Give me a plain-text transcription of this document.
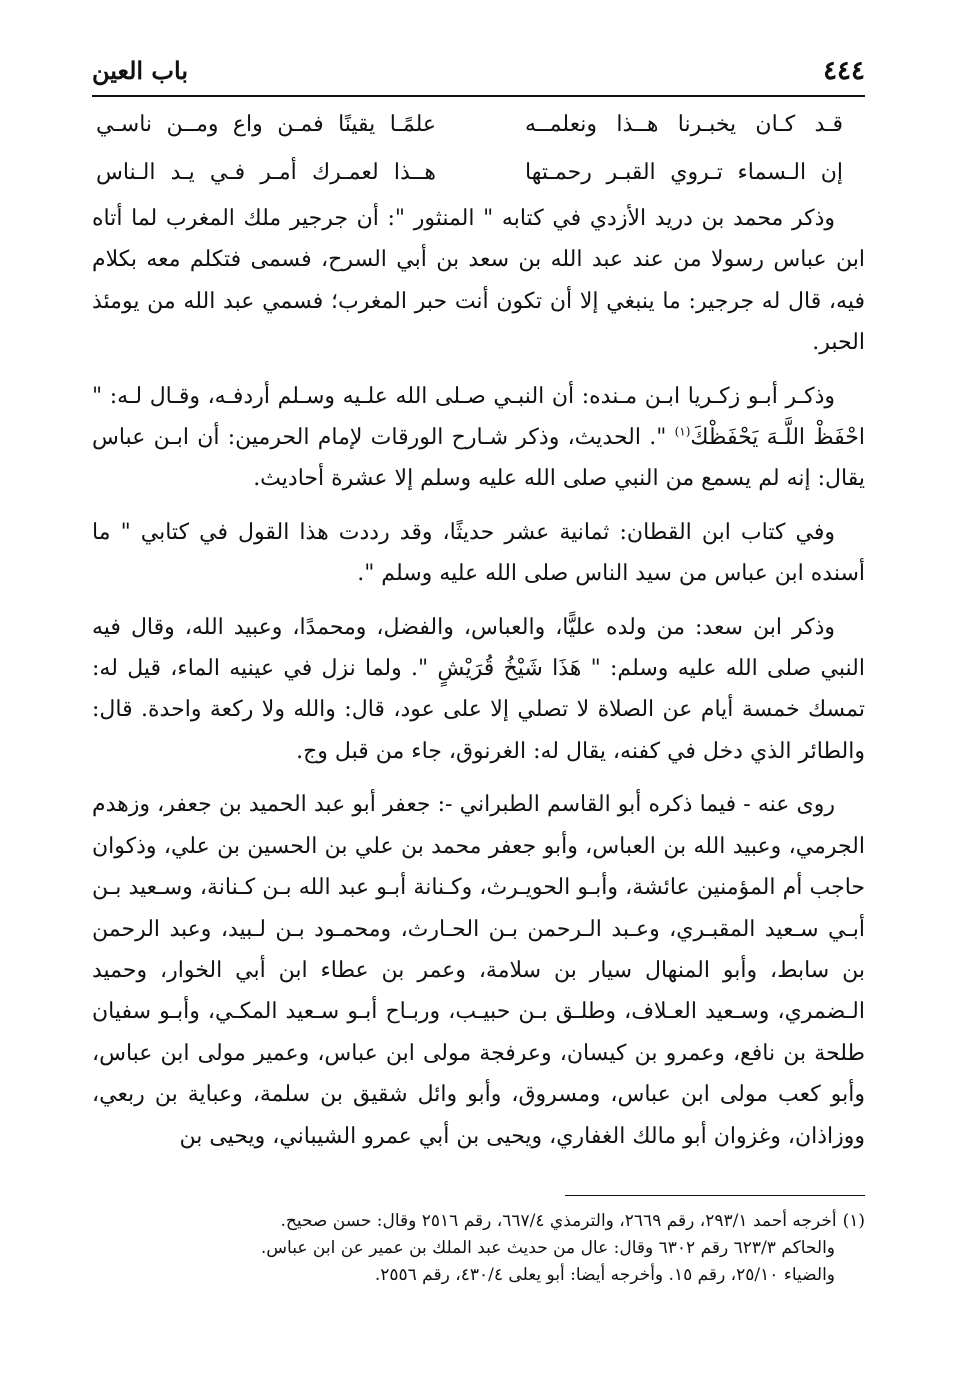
٤٤٤
باب العين
قـد كـان يخبـرنا هــذا ونعلمــه
علمًـا يقينًا فمـن واع ومــن ناسـي
إن الـسماء تـروي القبـر رحمـتها
هــذا لعمـرك أمـر فـي يـد الـناس

وذكر محمد بن دريد الأزدي في كتابه " المنثور ": أن جرجير ملك المغرب لما أتاه ابن عباس رسولا من عند عبد الله بن سعد بن أبي السرح، فسمى فتكلم معه بكلام فيه، قال له جرجير: ما ينبغي إلا أن تكون أنت حبر المغرب؛ فسمي عبد الله من يومئذ الحبر.

وذكـر أبـو زكـريا ابـن مـنده: أن النبـي صـلى الله علـيه وسـلم أردفـه، وقـال لـه: " احْفَظْ اللَّـهَ يَحْفَظْكَ$^{(١)}$ ". الحديث، وذكر شـارح الورقات لإمام الحرمين: أن ابـن عباس يقال: إنه لم يسمع من النبي صلى الله عليه وسلم إلا عشرة أحاديث.

وفي كتاب ابن القطان: ثمانية عشر حديثًا، وقد رددت هذا القول في كتابي " ما أسنده ابن عباس من سيد الناس صلى الله عليه وسلم ".

وذكر ابن سعد: من ولده عليًّا، والعباس، والفضل، ومحمدًا، وعبيد الله، وقال فيه النبي صلى الله عليه وسلم: " هَذَا شَيْخُ قُرَيْشٍ ". ولما نزل في عينيه الماء، قيل له: تمسك خمسة أيام عن الصلاة لا تصلي إلا على عود، قال: والله ولا ركعة واحدة. قال: والطائر الذي دخل في كفنه، يقال له: الغرنوق، جاء من قبل وج.

روى عنه - فيما ذكره أبو القاسم الطبراني -: جعفر أبو عبد الحميد بن جعفر، وزهدم الجرمي، وعبيد الله بن العباس، وأبو جعفر محمد بن علي بن الحسين بن علي، وذكوان حاجب أم المؤمنين عائشة، وأبـو الحويـرث، وكـنانة أبـو عبد الله بـن كـنانة، وسـعيد بـن أبـي سـعيد المقبـري، وعـبد الـرحمن بـن الحـارث، ومحمـود بـن لـبيد، وعبد الرحمن بن سابط، وأبو المنهال سيار بن سلامة، وعمر بن عطاء ابن أبي الخوار، وحميد الـضمري، وسـعيد العـلاف، وطلـق بـن حبيـب، وربـاح أبـو سـعيد المكـي، وأبـو سفيان طلحة بن نافع، وعمرو بن كيسان، وعرفجة مولى ابن عباس، وعمير مولى ابن عباس، وأبو كعب مولى ابن عباس، ومسروق، وأبو وائل شقيق بن سلمة، وعباية بن ربعي، ووزاذان، وغزوان أبو مالك الغفاري، ويحيى بن أبي عمرو الشيباني، ويحيى بن

(١)أخرجه أحمد ٢٩٣/١، رقم ٢٦٦٩، والترمذي ٦٦٧/٤، رقم ٢٥١٦ وقال: حسن صحيح.
والحاكم ٦٢٣/٣ رقم ٦٣٠٢ وقال: عال من حديث عبد الملك بن عمير عن ابن عباس.
والضياء ٢٥/١٠، رقم ١٥. وأخرجه أيضا: أبو يعلى ٤٣٠/٤، رقم ٢٥٥٦.
